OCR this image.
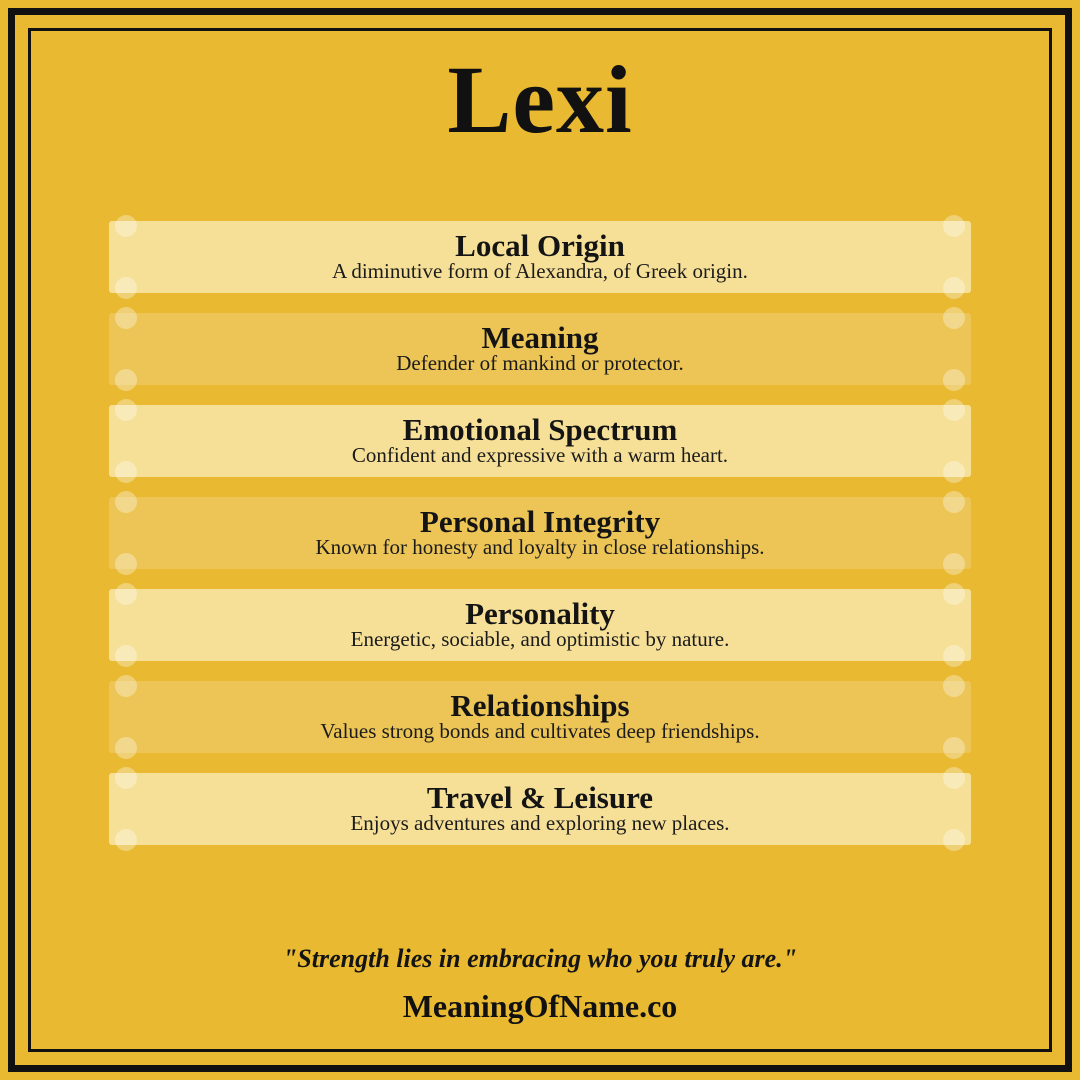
Lexi
Local Origin
A diminutive form of Alexandra, of Greek origin.
Meaning
Defender of mankind or protector.
Emotional Spectrum
Confident and expressive with a warm heart.
Personal Integrity
Known for honesty and loyalty in close relationships.
Personality
Energetic, sociable, and optimistic by nature.
Relationships
Values strong bonds and cultivates deep friendships.
Travel & Leisure
Enjoys adventures and exploring new places.
"Strength lies in embracing who you truly are."
MeaningOfName.co
